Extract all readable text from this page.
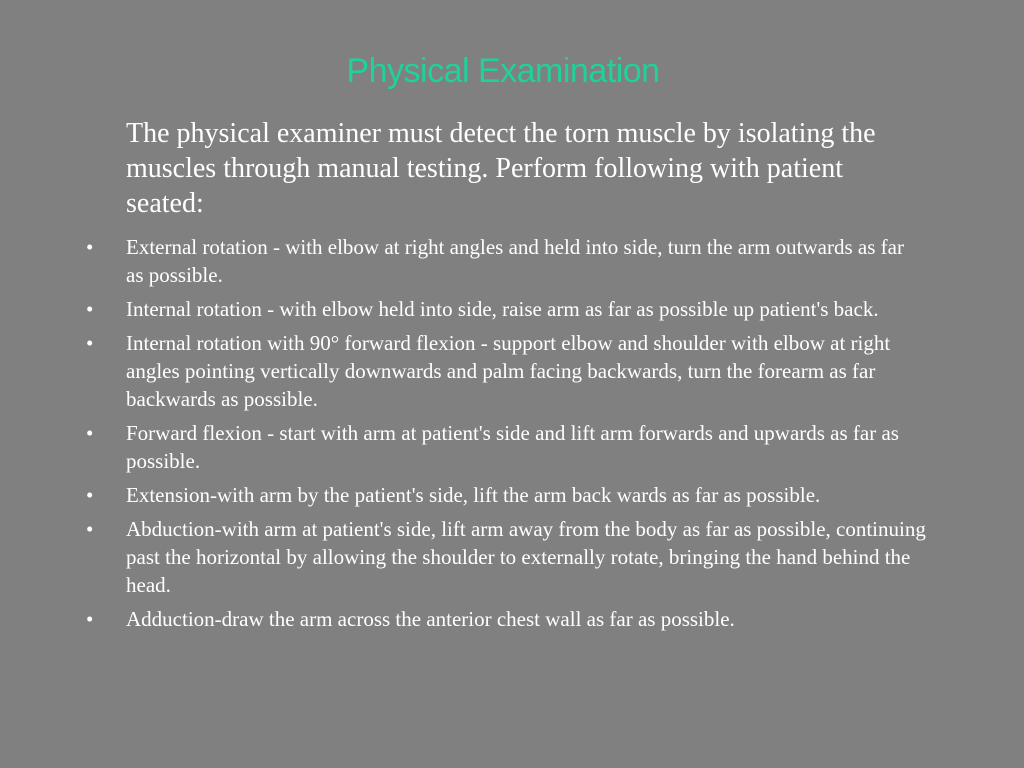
Physical Examination
The physical examiner must detect the torn muscle by isolating the muscles through manual testing. Perform following with patient seated:
• External rotation - with elbow at right angles and held into side, turn the arm outwards as far as possible.
• Internal rotation - with elbow held into side, raise arm as far as possible up patient's back.
• Internal rotation with 90° forward flexion - support elbow and shoulder with elbow at right angles pointing vertically downwards and palm facing backwards, turn the forearm as far backwards as possible.
• Forward flexion - start with arm at patient's side and lift arm forwards and upwards as far as possible.
• Extension-with arm by the patient's side, lift the arm back wards as far as possible.
• Abduction-with arm at patient's side, lift arm away from the body as far as possible, continuing past the horizontal by allowing the shoulder to externally rotate, bringing the hand behind the head.
• Adduction-draw the arm across the anterior chest wall as far as possible.
